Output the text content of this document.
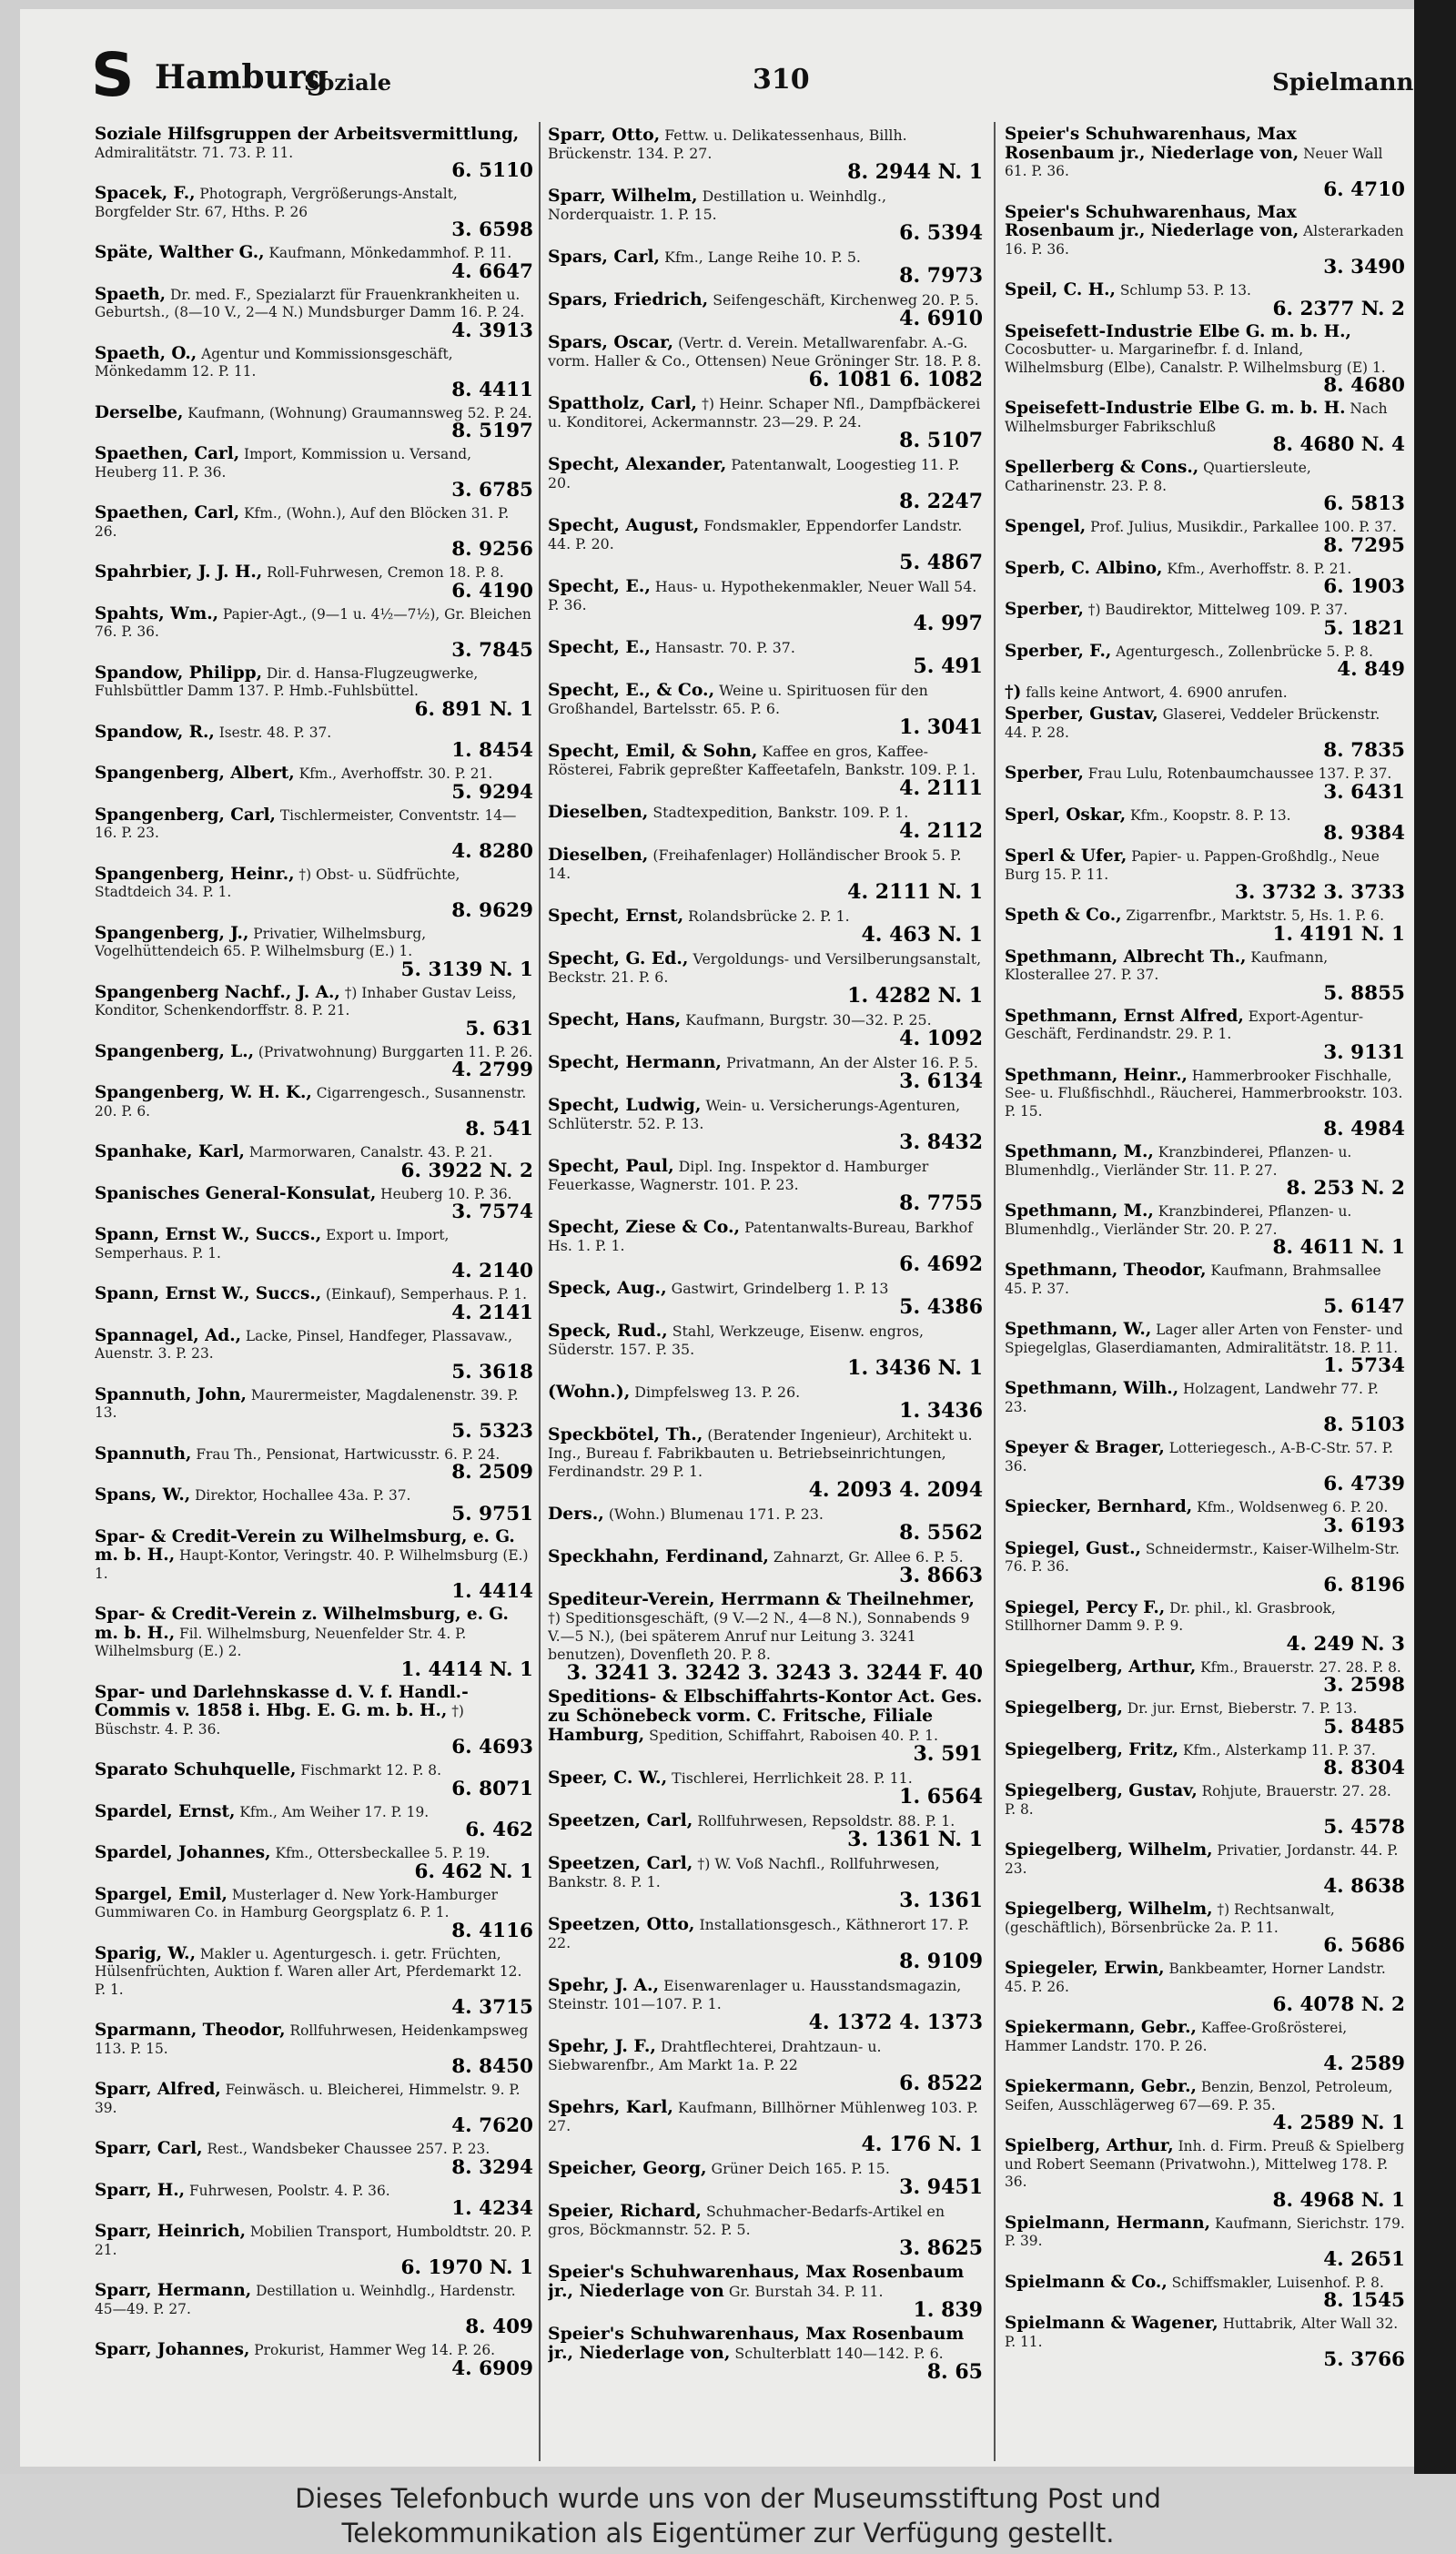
S Hamburg
Soziale	310	Spielmann
Soziale Hilfsgruppen der Arbeitsvermittlung, Admiralitätstr. 71. 73. P. 11.
6. 5110
Spacek, F., Photograph, Vergrößerungs-Anstalt, Borgfelder Str. 67, Hths. P. 26
3. 6598
Späte, Walther G., Kaufmann, Mönkedammhof. P. 11.
4. 6647
Spaeth, Dr. med. F., Spezialarzt für Frauenkrankheiten u. Geburtsh., (8—10 V., 2—4 N.) Mundsburger Damm 16. P. 24.
4. 3913
Spaeth, O., Agentur und Kommissionsgeschäft, Mönkedamm 12. P. 11.
8. 4411
Derselbe, Kaufmann, (Wohnung) Graumannsweg 52. P. 24.
8. 5197
Spaethen, Carl, Import, Kommission u. Versand, Heuberg 11. P. 36.
3. 6785
Spaethen, Carl, Kfm., (Wohn.), Auf den Blöcken 31. P. 26.
8. 9256
Spahrbier, J. J. H., Roll-Fuhrwesen, Cremon 18. P. 8.
6. 4190
Spahts, Wm., Papier-Agt., (9—1 u. 4½—7½), Gr. Bleichen 76. P. 36.
3. 7845
Spandow, Philipp, Dir. d. Hansa-Flugzeugwerke, Fuhlsbüttler Damm 137. P. Hmb.-Fuhlsbüttel.
6. 891 N. 1
Spandow, R., Isestr. 48. P. 37.
1. 8454
Spangenberg, Albert, Kfm., Averhoffstr. 30. P. 21.
5. 9294
Spangenberg, Carl, Tischlermeister, Conventstr. 14—16. P. 23.
4. 8280
Spangenberg, Heinr., †) Obst- u. Südfrüchte, Stadtdeich 34. P. 1.
8. 9629
Spangenberg, J., Privatier, Wilhelmsburg, Vogelhüttendeich 65. P. Wilhelmsburg (E.) 1.
5. 3139 N. 1
Spangenberg Nachf., J. A., †) Inhaber Gustav Leiss, Konditor, Schenkendorffstr. 8. P. 21.
5. 631
Spangenberg, L., (Privatwohnung) Burggarten 11. P. 26.
4. 2799
Spangenberg, W. H. K., Cigarrengesch., Susannenstr. 20. P. 6.
8. 541
Spanhake, Karl, Marmorwaren, Canalstr. 43. P. 21.
6. 3922 N. 2
Spanisches General-Konsulat, Heuberg 10. P. 36.
3. 7574
Spann, Ernst W., Succs., Export u. Import, Semperhaus. P. 1.
4. 2140
Spann, Ernst W., Succs., (Einkauf), Semperhaus. P. 1.
4. 2141
Spannagel, Ad., Lacke, Pinsel, Handfeger, Plassavaw., Auenstr. 3. P. 23.
5. 3618
Spannuth, John, Maurermeister, Magdalenenstr. 39. P. 13.
5. 5323
Spannuth, Frau Th., Pensionat, Hartwicusstr. 6. P. 24.
8. 2509
Spans, W., Direktor, Hochallee 43a. P. 37.
5. 9751
Spar- & Credit-Verein zu Wilhelmsburg, e. G. m. b. H., Haupt-Kontor, Veringstr. 40. P. Wilhelmsburg (E.) 1.
1. 4414
Spar- & Credit-Verein z. Wilhelmsburg, e. G. m. b. H., Fil. Wilhelmsburg, Neuenfelder Str. 4. P. Wilhelmsburg (E.) 2.
1. 4414 N. 1
Spar- und Darlehnskasse d. V. f. Handl.-Commis v. 1858 i. Hbg. E. G. m. b. H., †) Büschstr. 4. P. 36.
6. 4693
Sparato Schuhquelle, Fischmarkt 12. P. 8.
6. 8071
Spardel, Ernst, Kfm., Am Weiher 17. P. 19.
6. 462
Spardel, Johannes, Kfm., Ottersbeckallee 5. P. 19.
6. 462 N. 1
Spargel, Emil, Musterlager d. New York-Hamburger Gummiwaren Co. in Hamburg Georgsplatz 6. P. 1.
8. 4116
Sparig, W., Makler u. Agenturgesch. i. getr. Früchten, Hülsenfrüchten, Auktion f. Waren aller Art, Pferdemarkt 12. P. 1.
4. 3715
Sparmann, Theodor, Rollfuhrwesen, Heidenkampsweg 113. P. 15.
8. 8450
Sparr, Alfred, Feinwäsch. u. Bleicherei, Himmelstr. 9. P. 39.
4. 7620
Sparr, Carl, Rest., Wandsbeker Chaussee 257. P. 23.
8. 3294
Sparr, H., Fuhrwesen, Poolstr. 4. P. 36.
1. 4234
Sparr, Heinrich, Mobilien Transport, Humboldtstr. 20. P. 21.
6. 1970 N. 1
Sparr, Hermann, Destillation u. Weinhdlg., Hardenstr. 45—49. P. 27.
8. 409
Sparr, Johannes, Prokurist, Hammer Weg 14. P. 26.
4. 6909
Sparr, Otto, Fettw. u. Delikatessenhaus, Billh. Brückenstr. 134. P. 27.
8. 2944 N. 1
Sparr, Wilhelm, Destillation u. Weinhdlg., Norderquaistr. 1. P. 15.
6. 5394
Spars, Carl, Kfm., Lange Reihe 10. P. 5.
8. 7973
Spars, Friedrich, Seifengeschäft, Kirchenweg 20. P. 5.
4. 6910
Spars, Oscar, (Vertr. d. Verein. Metallwarenfabr. A.-G. vorm. Haller & Co., Ottensen) Neue Gröninger Str. 18. P. 8.
6. 1081 6. 1082
Spattholz, Carl, †) Heinr. Schaper Nfl., Dampfbäckerei u. Konditorei, Ackermannstr. 23—29. P. 24.
8. 5107
Specht, Alexander, Patentanwalt, Loogestieg 11. P. 20.
8. 2247
Specht, August, Fondsmakler, Eppendorfer Landstr. 44. P. 20.
5. 4867
Specht, E., Haus- u. Hypothekenmakler, Neuer Wall 54. P. 36.
4. 997
Specht, E., Hansastr. 70. P. 37.
5. 491
Specht, E., & Co., Weine u. Spirituosen für den Großhandel, Bartelsstr. 65. P. 6.
1. 3041
Specht, Emil, & Sohn, Kaffee en gros, Kaffee-Rösterei, Fabrik gepreßter Kaffeetafeln, Bankstr. 109. P. 1.
4. 2111
Dieselben, Stadtexpedition, Bankstr. 109. P. 1.
4. 2112
Dieselben, (Freihafenlager) Holländischer Brook 5. P. 14.
4. 2111 N. 1
Specht, Ernst, Rolandsbrücke 2. P. 1.
4. 463 N. 1
Specht, G. Ed., Vergoldungs- und Versilberungsanstalt, Beckstr. 21. P. 6.
1. 4282 N. 1
Specht, Hans, Kaufmann, Burgstr. 30—32. P. 25.
4. 1092
Specht, Hermann, Privatmann, An der Alster 16. P. 5.
3. 6134
Specht, Ludwig, Wein- u. Versicherungs-Agenturen, Schlüterstr. 52. P. 13.
3. 8432
Specht, Paul, Dipl. Ing. Inspektor d. Hamburger Feuerkasse, Wagnerstr. 101. P. 23.
8. 7755
Specht, Ziese & Co., Patentanwalts-Bureau, Barkhof Hs. 1. P. 1.
6. 4692
Speck, Aug., Gastwirt, Grindelberg 1. P. 13
5. 4386
Speck, Rud., Stahl, Werkzeuge, Eisenw. engros, Süderstr. 157. P. 35.
1. 3436 N. 1
(Wohn.), Dimpfelsweg 13. P. 26.
1. 3436
Speckbötel, Th., (Beratender Ingenieur), Architekt u. Ing., Bureau f. Fabrikbauten u. Betriebseinrichtungen, Ferdinandstr. 29 P. 1.
4. 2093 4. 2094
Ders., (Wohn.) Blumenau 171. P. 23.
8. 5562
Speckhahn, Ferdinand, Zahnarzt, Gr. Allee 6. P. 5.
3. 8663
Spediteur-Verein, Herrmann & Theilnehmer, †) Speditionsgeschäft, (9 V.—2 N., 4—8 N.), Sonnabends 9 V.—5 N.), (bei späterem Anruf nur Leitung 3. 3241 benutzen), Dovenfleth 20. P. 8.
3. 3241 3. 3242 3. 3243 3. 3244 F. 40
Speditions- & Elbschiffahrts-Kontor Act. Ges. zu Schönebeck vorm. C. Fritsche, Filiale Hamburg, Spedition, Schiffahrt, Raboisen 40. P. 1.
3. 591
Speer, C. W., Tischlerei, Herrlichkeit 28. P. 11.
1. 6564
Speetzen, Carl, Rollfuhrwesen, Repsoldstr. 88. P. 1.
3. 1361 N. 1
Speetzen, Carl, †) W. Voß Nachfl., Rollfuhrwesen, Bankstr. 8. P. 1.
3. 1361
Speetzen, Otto, Installationsgesch., Käthnerort 17. P. 22.
8. 9109
Spehr, J. A., Eisenwarenlager u. Hausstandsmagazin, Steinstr. 101—107. P. 1.
4. 1372 4. 1373
Spehr, J. F., Drahtflechterei, Drahtzaun- u. Siebwarenfbr., Am Markt 1a. P. 22
6. 8522
Spehrs, Karl, Kaufmann, Billhörner Mühlenweg 103. P. 27.
4. 176 N. 1
Speicher, Georg, Grüner Deich 165. P. 15.
3. 9451
Speier, Richard, Schuhmacher-Bedarfs-Artikel en gros, Böckmannstr. 52. P. 5.
3. 8625
Speier's Schuhwarenhaus, Max Rosenbaum jr., Niederlage von Gr. Burstah 34. P. 11.
1. 839
Speier's Schuhwarenhaus, Max Rosenbaum jr., Niederlage von, Schulterblatt 140—142. P. 6.
8. 65
Speier's Schuhwarenhaus, Max Rosenbaum jr., Niederlage von, Neuer Wall 61. P. 36.
6. 4710
Speier's Schuhwarenhaus, Max Rosenbaum jr., Niederlage von, Alsterarkaden 16. P. 36.
3. 3490
Speil, C. H., Schlump 53. P. 13.
6. 2377 N. 2
Speisefett-Industrie Elbe G. m. b. H., Cocosbutter- u. Margarinefbr. f. d. Inland, Wilhelmsburg (Elbe), Canalstr. P. Wilhelmsburg (E) 1.
8. 4680
Speisefett-Industrie Elbe G. m. b. H. Nach Wilhelmsburger Fabrikschluß
8. 4680 N. 4
Spellerberg & Cons., Quartiersleute, Catharinenstr. 23. P. 8.
6. 5813
Spengel, Prof. Julius, Musikdir., Parkallee 100. P. 37.
8. 7295
Sperb, C. Albino, Kfm., Averhoffstr. 8. P. 21.
6. 1903
Sperber, †) Baudirektor, Mittelweg 109. P. 37.
5. 1821
Sperber, F., Agenturgesch., Zollenbrücke 5. P. 8.
4. 849
†) falls keine Antwort, 4. 6900 anrufen.
Sperber, Gustav, Glaserei, Veddeler Brückenstr. 44. P. 28.
8. 7835
Sperber, Frau Lulu, Rotenbaumchaussee 137. P. 37.
3. 6431
Sperl, Oskar, Kfm., Koopstr. 8. P. 13.
8. 9384
Sperl & Ufer, Papier- u. Pappen-Großhdlg., Neue Burg 15. P. 11.
3. 3732 3. 3733
Speth & Co., Zigarrenfbr., Marktstr. 5, Hs. 1. P. 6.
1. 4191 N. 1
Spethmann, Albrecht Th., Kaufmann, Klosterallee 27. P. 37.
5. 8855
Spethmann, Ernst Alfred, Export-Agentur-Geschäft, Ferdinandstr. 29. P. 1.
3. 9131
Spethmann, Heinr., Hammerbrooker Fischhalle, See- u. Flußfischhdl., Räucherei, Hammerbrookstr. 103. P. 15.
8. 4984
Spethmann, M., Kranzbinderei, Pflanzen- u. Blumenhdlg., Vierländer Str. 11. P. 27.
8. 253 N. 2
Spethmann, M., Kranzbinderei, Pflanzen- u. Blumenhdlg., Vierländer Str. 20. P. 27.
8. 4611 N. 1
Spethmann, Theodor, Kaufmann, Brahmsallee 45. P. 37.
5. 6147
Spethmann, W., Lager aller Arten von Fenster- und Spiegelglas, Glaserdiamanten, Admiralitätstr. 18. P. 11.
1. 5734
Spethmann, Wilh., Holzagent, Landwehr 77. P. 23.
8. 5103
Speyer & Brager, Lotteriegesch., A-B-C-Str. 57. P. 36.
6. 4739
Spiecker, Bernhard, Kfm., Woldsenweg 6. P. 20.
3. 6193
Spiegel, Gust., Schneidermstr., Kaiser-Wilhelm-Str. 76. P. 36.
6. 8196
Spiegel, Percy F., Dr. phil., kl. Grasbrook, Stillhorner Damm 9. P. 9.
4. 249 N. 3
Spiegelberg, Arthur, Kfm., Brauerstr. 27. 28. P. 8.
3. 2598
Spiegelberg, Dr. jur. Ernst, Bieberstr. 7. P. 13.
5. 8485
Spiegelberg, Fritz, Kfm., Alsterkamp 11. P. 37.
8. 8304
Spiegelberg, Gustav, Rohjute, Brauerstr. 27. 28. P. 8.
5. 4578
Spiegelberg, Wilhelm, Privatier, Jordanstr. 44. P. 23.
4. 8638
Spiegelberg, Wilhelm, †) Rechtsanwalt, (geschäftlich), Börsenbrücke 2a. P. 11.
6. 5686
Spiegeler, Erwin, Bankbeamter, Horner Landstr. 45. P. 26.
6. 4078 N. 2
Spiekermann, Gebr., Kaffee-Großrösterei, Hammer Landstr. 170. P. 26.
4. 2589
Spiekermann, Gebr., Benzin, Benzol, Petroleum, Seifen, Ausschlägerweg 67—69. P. 35.
4. 2589 N. 1
Spielberg, Arthur, Inh. d. Firm. Preuß & Spielberg und Robert Seemann (Privatwohn.), Mittelweg 178. P. 36.
8. 4968 N. 1
Spielmann, Hermann, Kaufmann, Sierichstr. 179. P. 39.
4. 2651
Spielmann & Co., Schiffsmakler, Luisenhof. P. 8.
8. 1545
Spielmann & Wagener, Huttabrik, Alter Wall 32. P. 11.
5. 3766
Dieses Telefonbuch wurde uns von der Museumsstiftung Post und
Telekommunikation als Eigentümer zur Verfügung gestellt.
